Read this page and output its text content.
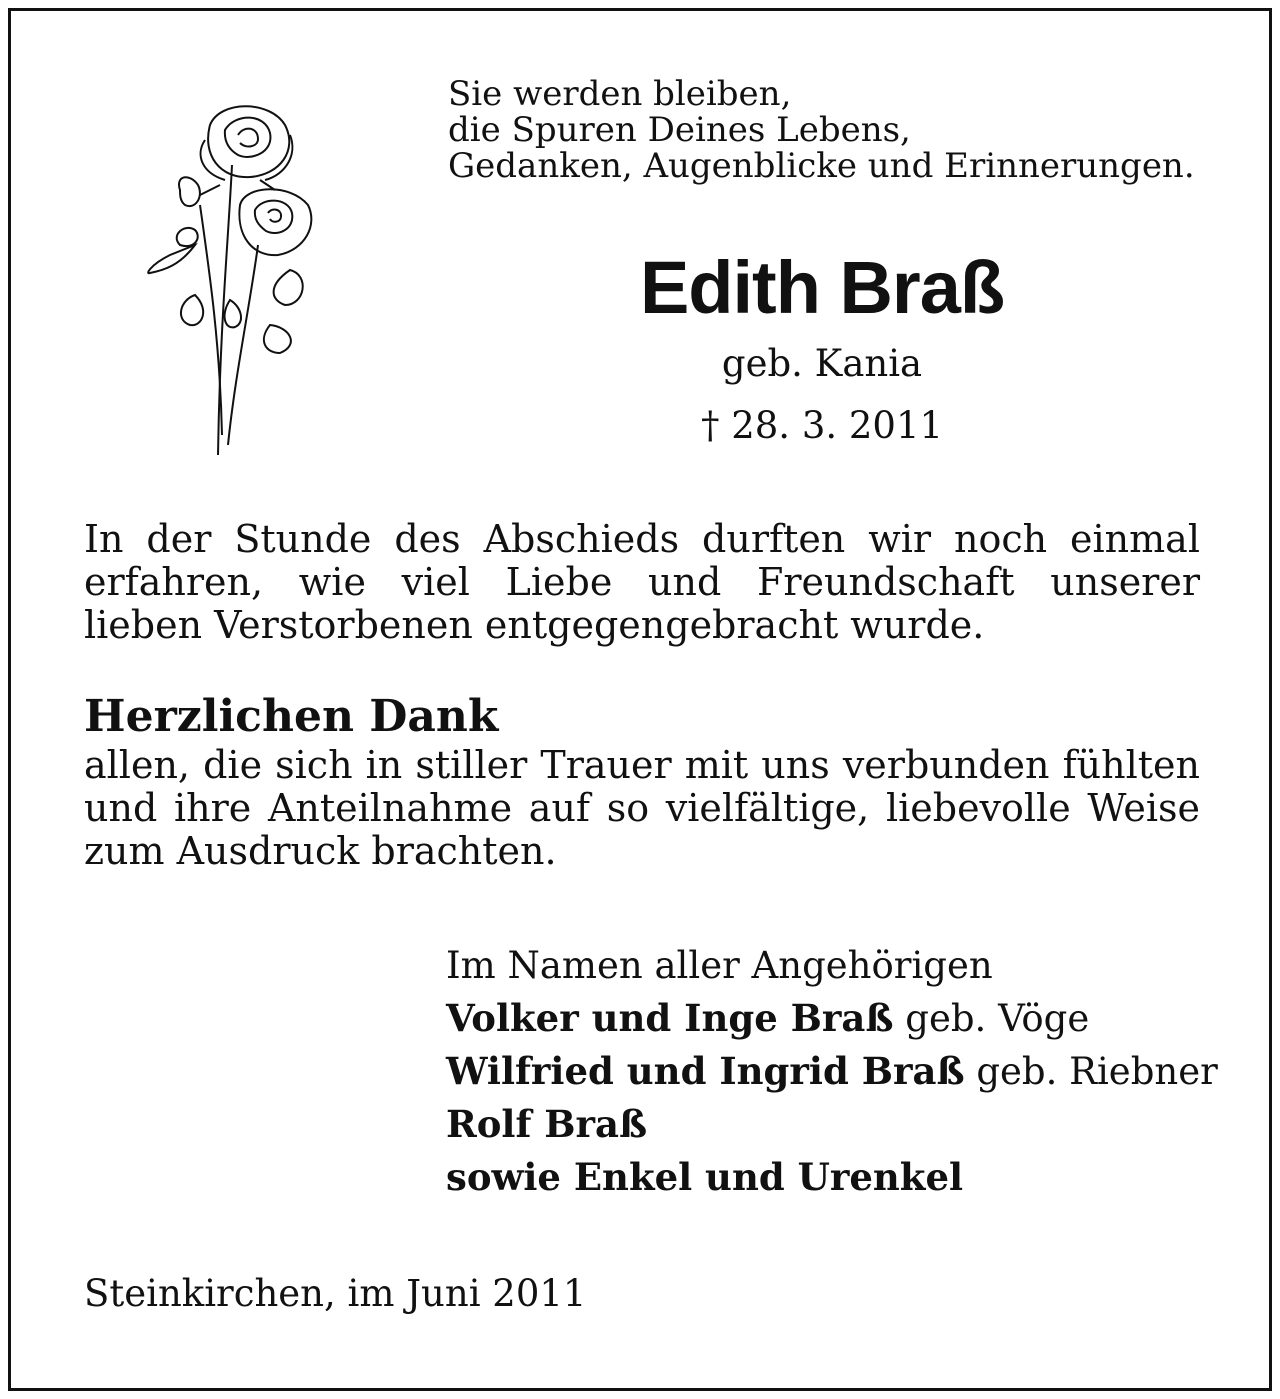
Sie werden bleiben,
die Spuren Deines Lebens,
Gedanken, Augenblicke und Erinnerungen.
Edith Braß
geb. Kania
† 28. 3. 2011
In der Stunde des Abschieds durften wir noch einmal
erfahren, wie viel Liebe und Freundschaft unserer
lieben Verstorbenen entgegengebracht wurde.
Herzlichen Dank
allen, die sich in stiller Trauer mit uns verbunden fühlten
und ihre Anteilnahme auf so vielfältige, liebevolle Weise
zum Ausdruck brachten.
Im Namen aller Angehörigen
Volker und Inge Braß geb. Vöge
Wilfried und Ingrid Braß geb. Riebner
Rolf Braß
sowie Enkel und Urenkel
Steinkirchen, im Juni 2011
